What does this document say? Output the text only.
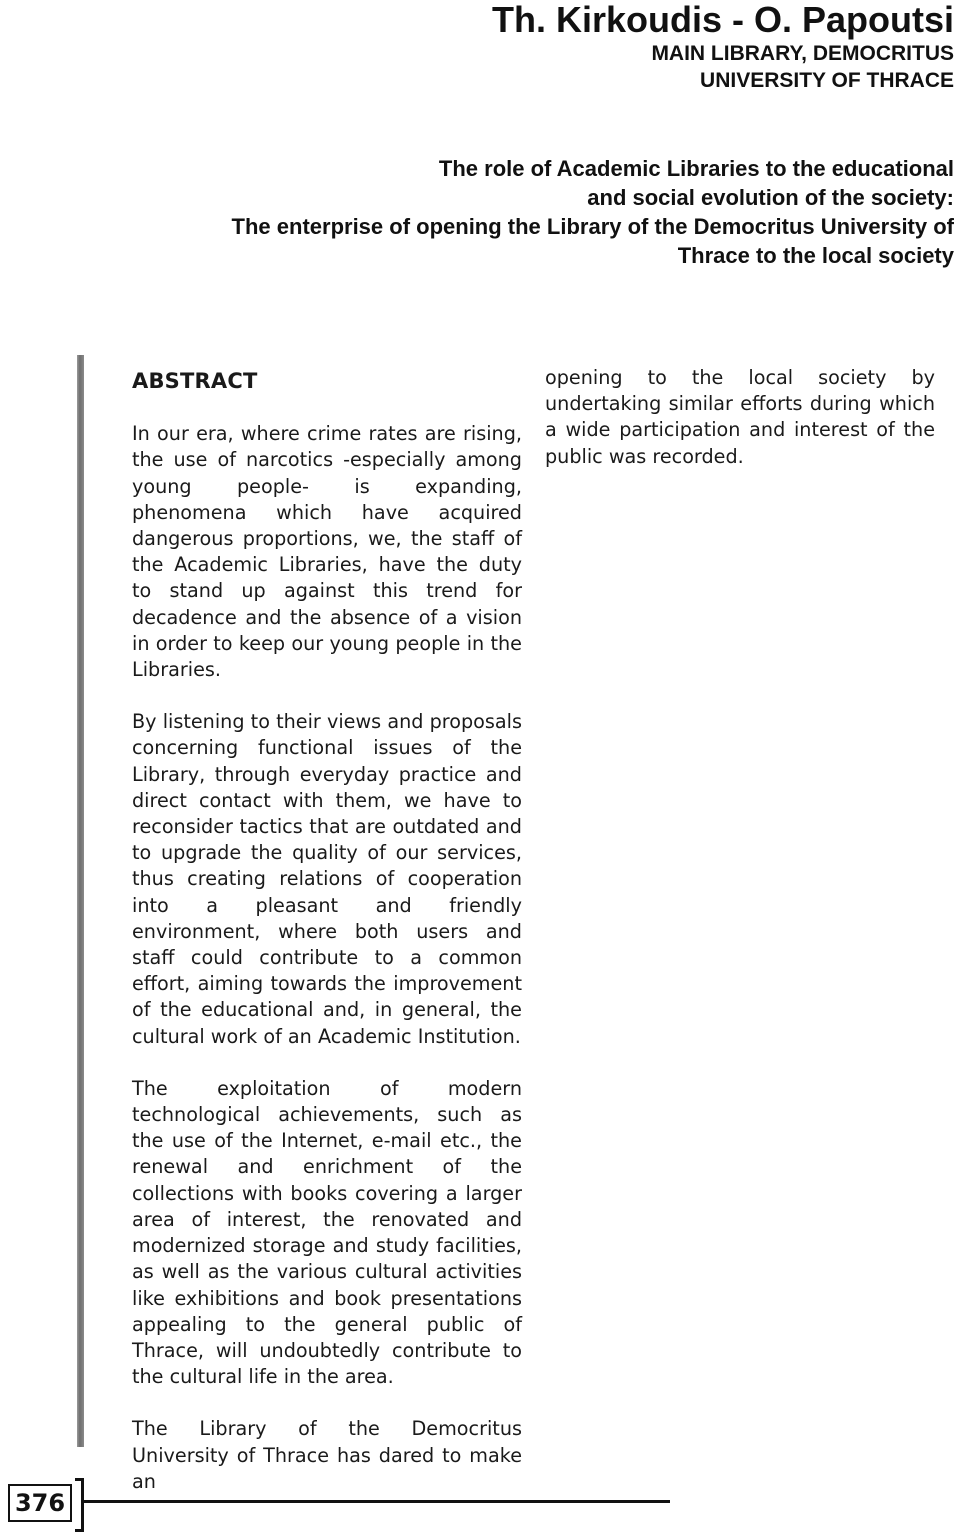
Th. Kirkoudis - O. Papoutsi

MAIN LIBRARY, DEMOCRITUS

UNIVERSITY OF THRACE

The role of Academic Libraries to the educational
and social evolution of the society:
The enterprise of opening the Library of the Democritus University of
Thrace to the local society
ABSTRACT

In our era, where crime rates are rising, the use of narcotics -especially among young people- is expanding, phenomena which have acquired dangerous proportions, we, the staff of the Academic Libraries, have the duty to stand up against this trend for decadence and the absence of a vision in order to keep our young people in the Libraries.

By listening to their views and proposals concerning functional issues of the Library, through everyday practice and direct contact with them, we have to reconsider tactics that are outdated and to upgrade the quality of our services, thus creating relations of cooperation into a pleasant and friendly environment, where both users and staff could contribute to a common effort, aiming towards the improvement of the educational and, in general, the cultural work of an Academic Institution.

The exploitation of modern technological achievements, such as the use of the Internet, e-mail etc., the renewal and enrichment of the collections with books covering a larger area of interest, the renovated and modernized storage and study facilities, as well as the various cultural activities like exhibitions and book presentations appealing to the general public of Thrace, will undoubtedly contribute to the cultural life in the area.

The Library of the Democritus University of Thrace has dared to make an

opening to the local society by undertaking similar efforts during which a wide participation and interest of the public was recorded.

376
